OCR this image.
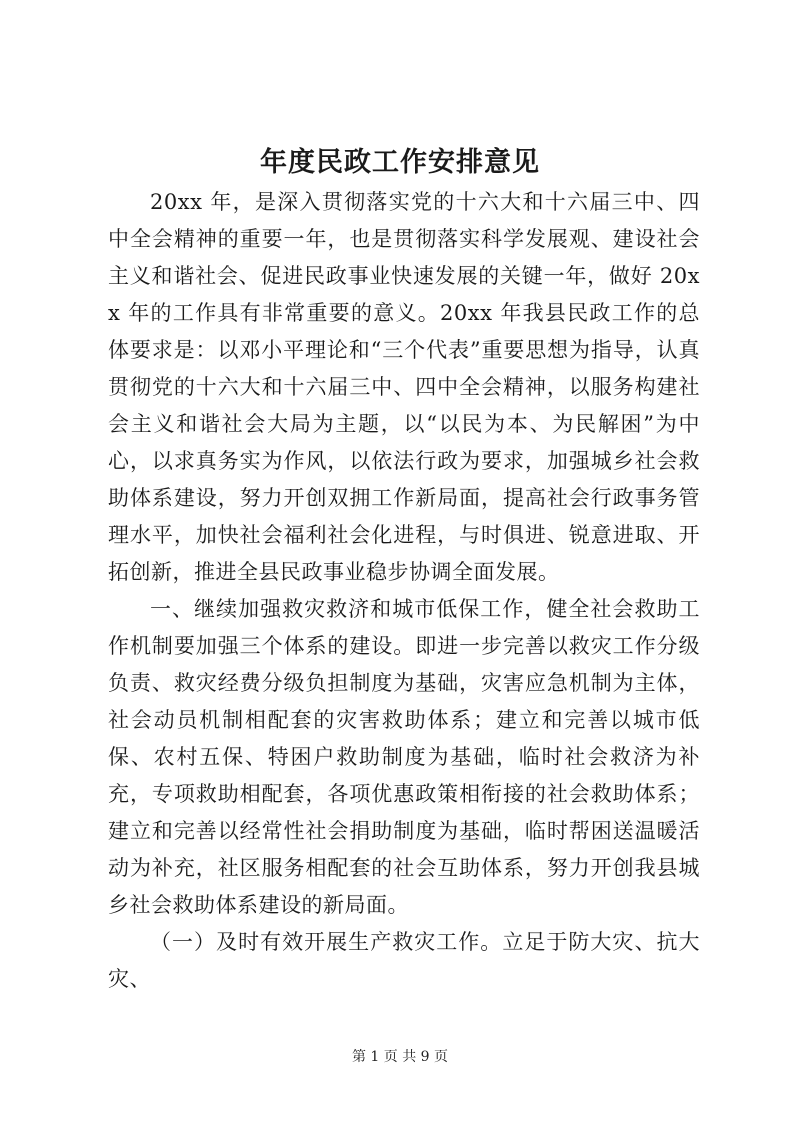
年度民政工作安排意见

20xx 年，是深入贯彻落实党的十六大和十六届三中、四中全会精神的重要一年，也是贯彻落实科学发展观、建设社会主义和谐社会、促进民政事业快速发展的关键一年，做好 20xx 年的工作具有非常重要的意义。20xx 年我县民政工作的总体要求是：以邓小平理论和“三个代表”重要思想为指导，认真贯彻党的十六大和十六届三中、四中全会精神，以服务构建社会主义和谐社会大局为主题，以“以民为本、为民解困”为中心，以求真务实为作风，以依法行政为要求，加强城乡社会救助体系建设，努力开创双拥工作新局面，提高社会行政事务管理水平，加快社会福利社会化进程，与时俱进、锐意进取、开拓创新，推进全县民政事业稳步协调全面发展。

一、继续加强救灾救济和城市低保工作，健全社会救助工作机制要加强三个体系的建设。即进一步完善以救灾工作分级负责、救灾经费分级负担制度为基础，灾害应急机制为主体，社会动员机制相配套的灾害救助体系；建立和完善以城市低保、农村五保、特困户救助制度为基础，临时社会救济为补充，专项救助相配套，各项优惠政策相衔接的社会救助体系；建立和完善以经常性社会捐助制度为基础，临时帮困送温暖活动为补充，社区服务相配套的社会互助体系，努力开创我县城乡社会救助体系建设的新局面。

（一）及时有效开展生产救灾工作。立足于防大灾、抗大灾、

第 1 页 共 9 页
